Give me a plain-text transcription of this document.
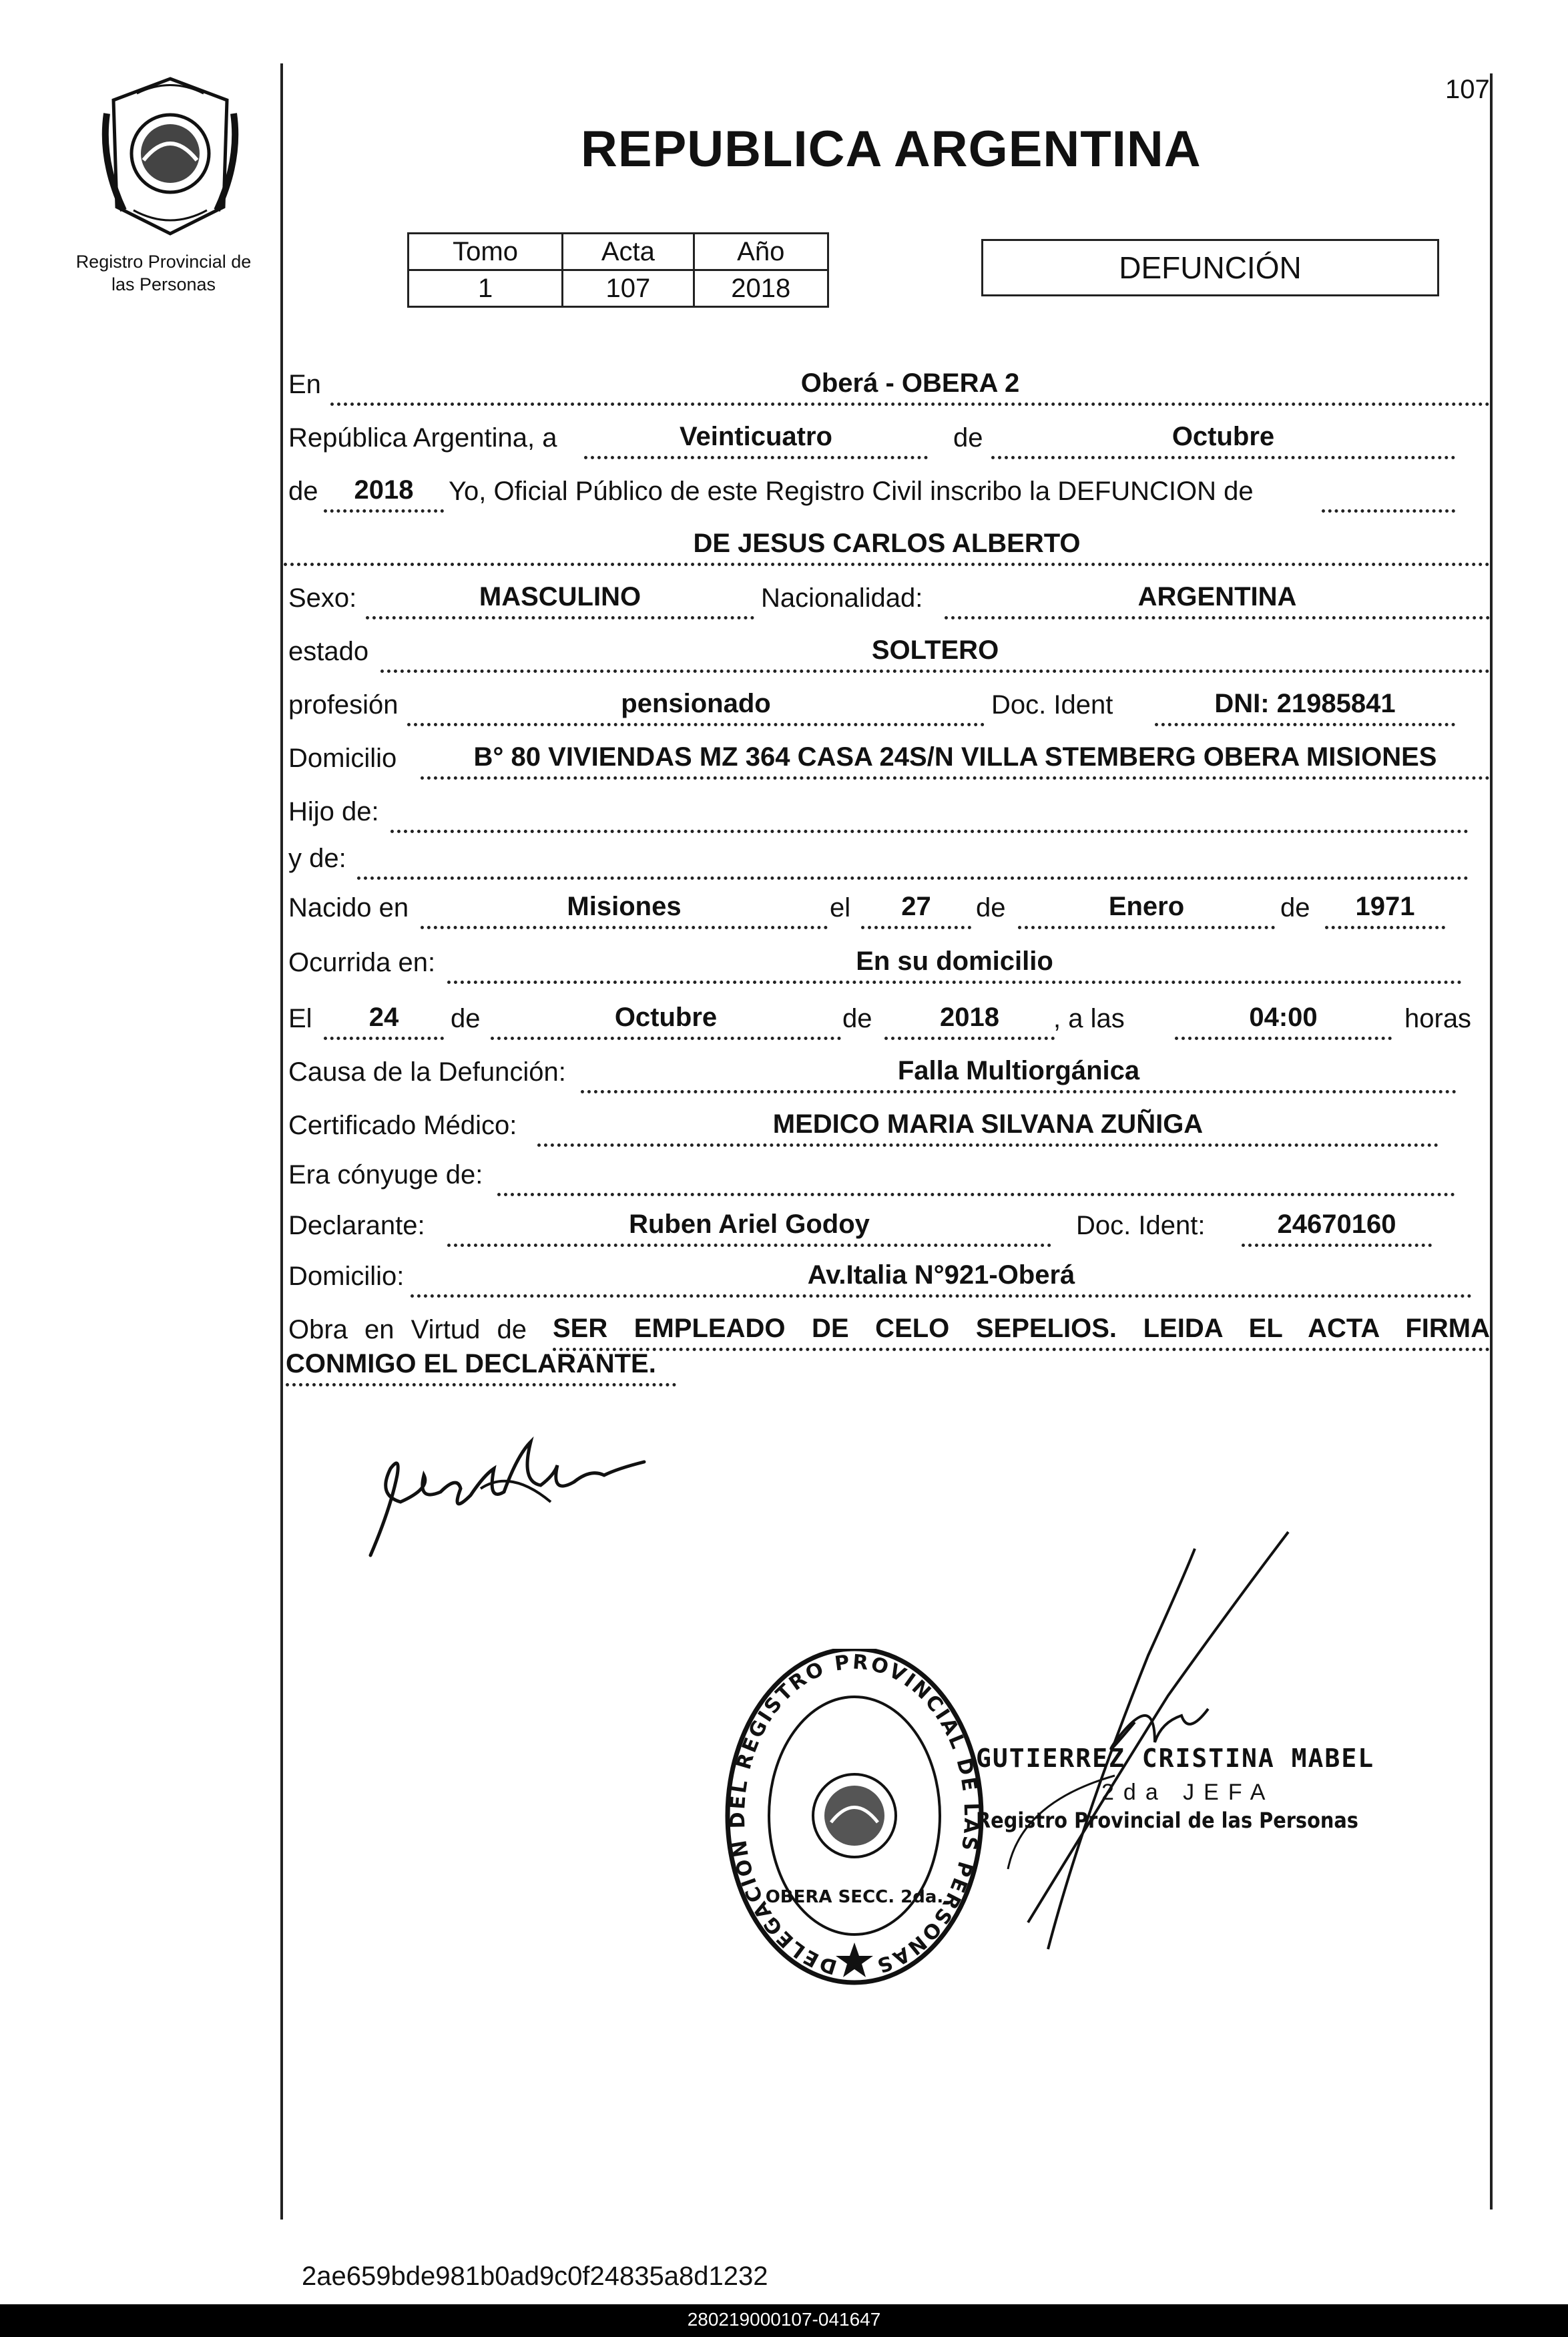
Registro Provincial de
las Personas
107
REPUBLICA ARGENTINA
Tomo	Acta	Año
1	107	2018
DEFUNCIÓN
En	Oberá - OBERA 2
República Argentina, a	Veinticuatro	de	Octubre
de	2018	Yo, Oficial Público de este Registro Civil inscribo la DEFUNCION de
DE JESUS CARLOS ALBERTO
Sexo:	MASCULINO	Nacionalidad:	ARGENTINA
estado	SOLTERO
profesión	pensionado	Doc. Ident	DNI: 21985841
Domicilio	B° 80 VIVIENDAS MZ 364 CASA 24S/N VILLA STEMBERG OBERA MISIONES
Hijo de:
y de:
Nacido en	Misiones	el	27	de	Enero	de	1971
Ocurrida en:	En su domicilio
El	24	de	Octubre	de	2018	, a las	04:00	horas
Causa de la Defunción:	Falla Multiorgánica
Certificado Médico:	MEDICO MARIA SILVANA ZUÑIGA
Era cónyuge de:
Declarante:	Ruben Ariel Godoy	Doc. Ident:	24670160
Domicilio:	Av.Italia N°921-Oberá
Obra en Virtud de SER EMPLEADO DE CELO SEPELIOS. LEIDA EL ACTA FIRMA
CONMIGO EL DECLARANTE.
DELEGACION DEL REGISTRO PROVINCIAL DE LAS PERSONAS
OBERA SECC. 2da.
GUTIERREZ CRISTINA MABEL
2da JEFA
Registro Provincial de las Personas
2ae659bde981b0ad9c0f24835a8d1232
280219000107-041647
